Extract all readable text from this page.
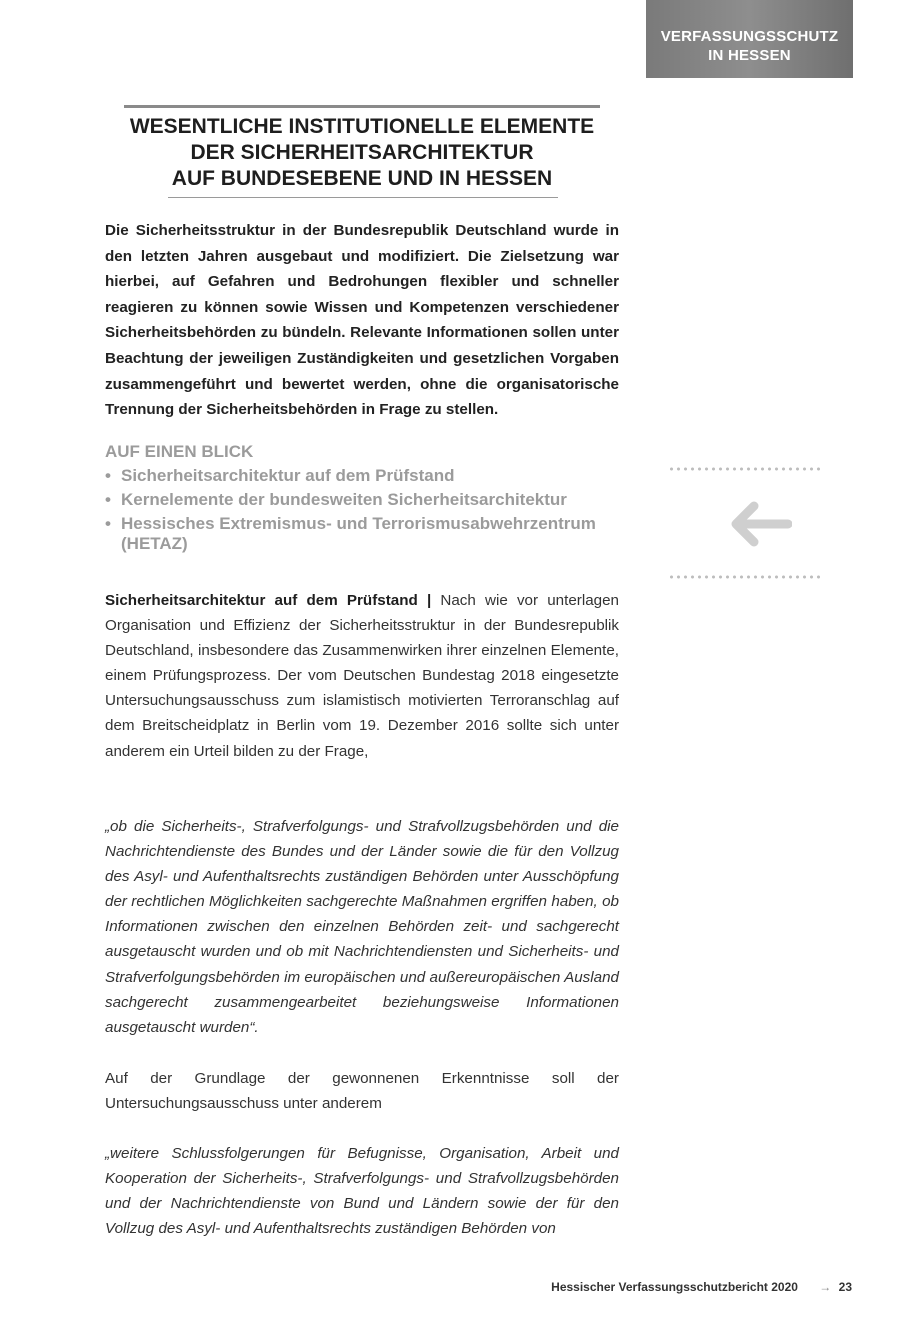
VERFASSUNGSSCHUTZ
IN HESSEN
WESENTLICHE INSTITUTIONELLE ELEMENTE
DER SICHERHEITSARCHITEKTUR
AUF BUNDESEBENE UND IN HESSEN
Die Sicherheitsstruktur in der Bundesrepublik Deutschland wurde in den letzten Jahren ausgebaut und modifiziert. Die Zielsetzung war hierbei, auf Gefahren und Bedrohungen flexibler und schneller reagieren zu können sowie Wissen und Kompetenzen verschiedener Sicherheitsbehörden zu bündeln. Relevante Informationen sollen unter Beachtung der jeweiligen Zuständigkeiten und gesetzlichen Vorgaben zusammengeführt und bewertet werden, ohne die organisatorische Trennung der Sicherheitsbehörden in Frage zu stellen.
AUF EINEN BLICK
• Sicherheitsarchitektur auf dem Prüfstand
• Kernelemente der bundesweiten Sicherheitsarchitektur
• Hessisches Extremismus- und Terrorismusabwehrzentrum (HETAZ)
Sicherheitsarchitektur auf dem Prüfstand | Nach wie vor unterlagen Organisation und Effizienz der Sicherheitsstruktur in der Bundesrepublik Deutschland, insbesondere das Zusammenwirken ihrer einzelnen Elemente, einem Prüfungsprozess. Der vom Deutschen Bundestag 2018 eingesetzte Untersuchungsausschuss zum islamistisch motivierten Terroranschlag auf dem Breitscheidplatz in Berlin vom 19. Dezember 2016 sollte sich unter anderem ein Urteil bilden zu der Frage,
„ob die Sicherheits-, Strafverfolgungs- und Strafvollzugsbehörden und die Nachrichtendienste des Bundes und der Länder sowie die für den Vollzug des Asyl- und Aufenthaltsrechts zuständigen Behörden unter Ausschöpfung der rechtlichen Möglichkeiten sachgerechte Maßnahmen ergriffen haben, ob Informationen zwischen den einzelnen Behörden zeit- und sachgerecht ausgetauscht wurden und ob mit Nachrichtendiensten und Sicherheits- und Strafverfolgungsbehörden im europäischen und außereuropäischen Ausland sachgerecht zusammengearbeitet beziehungsweise Informationen ausgetauscht wurden“.
Auf der Grundlage der gewonnenen Erkenntnisse soll der Untersuchungsausschuss unter anderem
„weitere Schlussfolgerungen für Befugnisse, Organisation, Arbeit und Kooperation der Sicherheits-, Strafverfolgungs- und Strafvollzugsbehörden und der Nachrichtendienste von Bund und Ländern sowie der für den Vollzug des Asyl- und Aufenthaltsrechts zuständigen Behörden von
Hessischer Verfassungsschutzbericht 2020 → 23
